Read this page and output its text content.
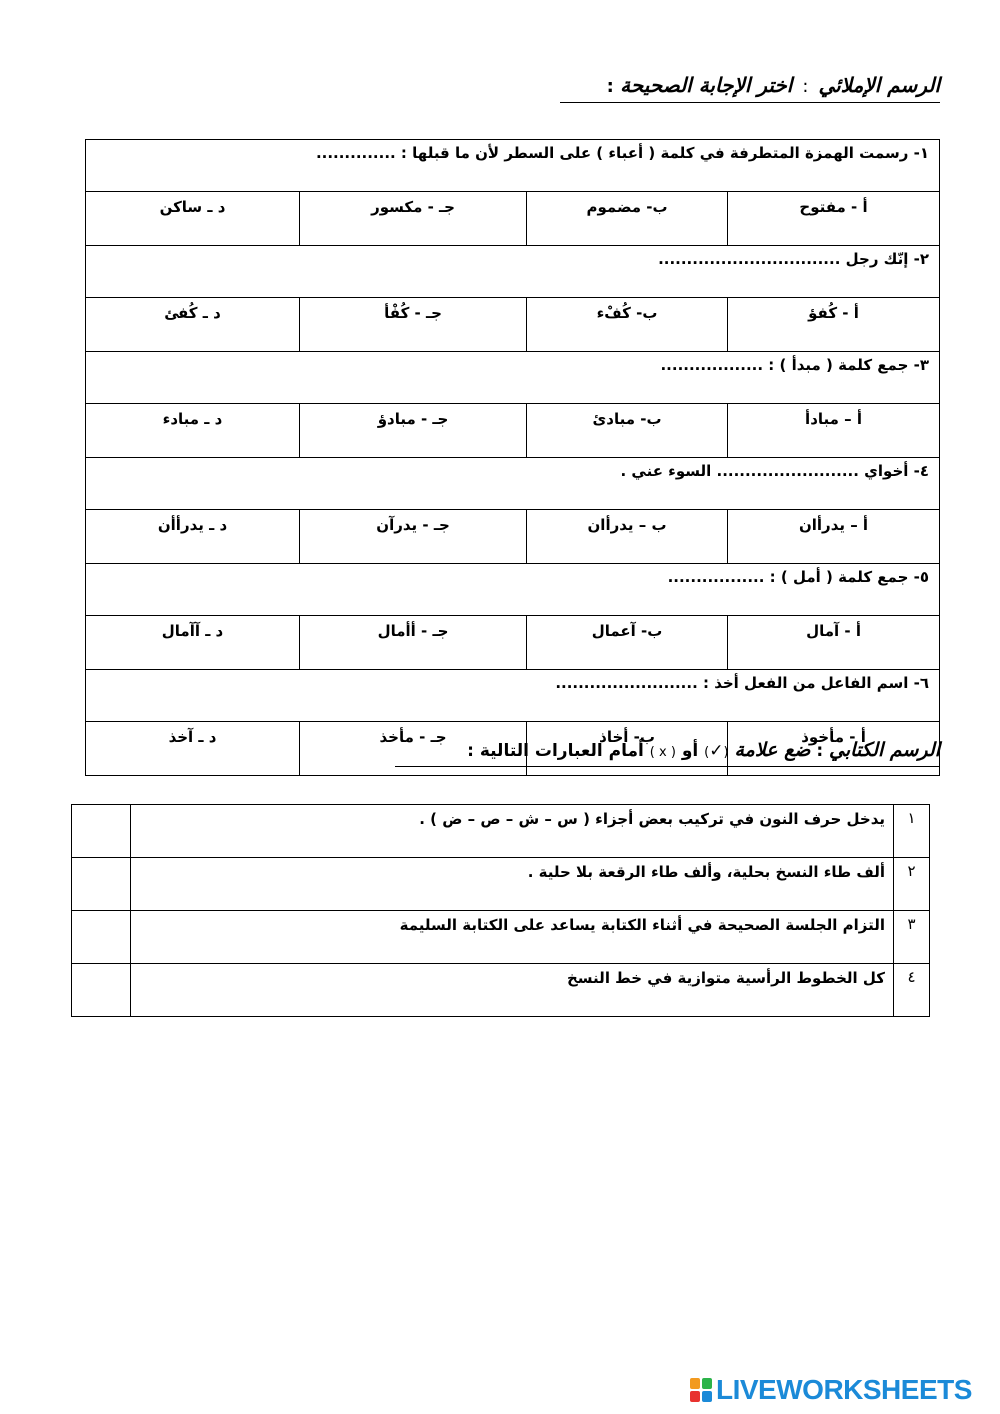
الرسم الإملائي:اختر الإجابة الصحيحة :
١- رسمت الهمزة المتطرفة في كلمة ( أعباء ) على السطر لأن ما قبلها : ..............			
أ - مفتوح	ب- مضموم	جـ - مكسور	د ـ ساكن
٢- إنّك رجل ................................			
أ - كُفؤ	ب- كُفْء	جـ - كُفْأ	د ـ كُفئ
٣- جمع كلمة ( مبدأ ) : ..................			
أ – مبادأ	ب- مبادئ	جـ - مبادؤ	د ـ مبادء
٤- أخواي ......................... السوء عني .			
أ – يدرأان	ب – يدرأان	جـ - يدرآن	د ـ يدرأأن
٥- جمع كلمة ( أمل ) : .................			
أ - آمال	ب- آعمال	جـ - أأمال	د ـ آآمال
٦- اسم الفاعل من الفعل أخذ : .........................			
أ - مأخوذ	ب- أخاذ	جـ - مأخذ	د ـ آخذ
الرسم الكتابي : ضع علامة (✓) أو ( x ) أمام العبارات التالية :
١	يدخل حرف النون في تركيب بعض أجزاء ( س – ش – ص – ض ) .	
٢	ألف طاء النسخ بحلية، وألف طاء الرقعة بلا حلية .	
٣	التزام الجلسة الصحيحة في أثناء الكتابة يساعد على الكتابة السليمة	
٤	كل الخطوط الرأسية متوازية في خط النسخ	
LIVEWORKSHEETS
